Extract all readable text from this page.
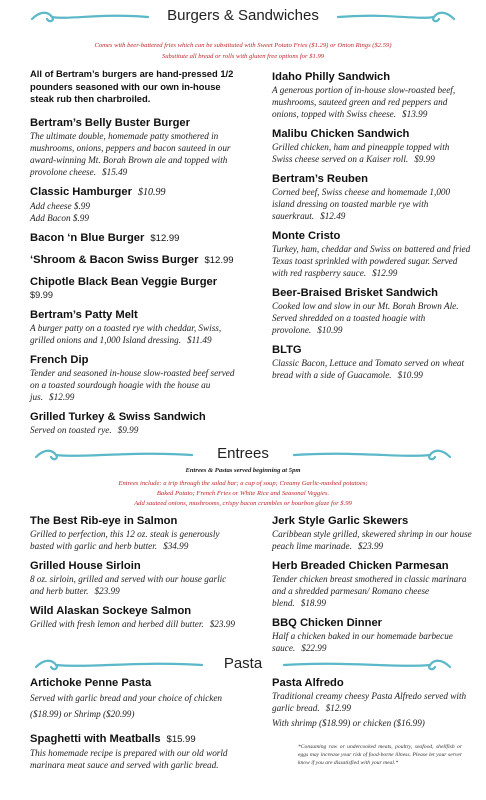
Burgers & Sandwiches
Comes with beer-battered fries which can be substituted with Sweet Potato Fries ($1.29) or Onion Rings ($2.59)
Substitute all bread or rolls with gluten free options for $1.99
All of Bertram’s burgers are hand-pressed 1/2 pounders seasoned with our own in-house steak rub then charbroiled.
Bertram’s Belly Buster Burger
The ultimate double, homemade patty smothered in mushrooms, onions, peppers and bacon sauteed in our award-winning Mt. Borah Brown ale and topped with provolone cheese. $15.49
Classic Hamburger $10.99
Add cheese $.99
Add Bacon $.99
Bacon ‘n Blue Burger $12.99
‘Shroom & Bacon Swiss Burger $12.99
Chipotle Black Bean Veggie Burger
$9.99
Bertram’s Patty Melt
A burger patty on a toasted rye with cheddar, Swiss, grilled onions and 1,000 Island dressing. $11.49
French Dip
Tender and seasoned in-house slow-roasted beef served on a toasted sourdough hoagie with the house au jus. $12.99
Grilled Turkey & Swiss Sandwich
Served on toasted rye. $9.99
Idaho Philly Sandwich
A generous portion of in-house slow-roasted beef, mushrooms, sauteed green and red peppers and onions, topped with Swiss cheese. $13.99
Malibu Chicken Sandwich
Grilled chicken, ham and pineapple topped with Swiss cheese served on a Kaiser roll. $9.99
Bertram’s Reuben
Corned beef, Swiss cheese and homemade 1,000 island dressing on toasted marble rye with sauerkraut. $12.49
Monte Cristo
Turkey, ham, cheddar and Swiss on battered and fried Texas toast sprinkled with powdered sugar. Served with red raspberry sauce. $12.99
Beer-Braised Brisket Sandwich
Cooked low and slow in our Mt. Borah Brown Ale. Served shredded on a toasted hoagie with provolone. $10.99
BLTG
Classic Bacon, Lettuce and Tomato served on wheat bread with a side of Guacamole. $10.99
Entrees
Entrees & Pastas served beginning at 5pm
Entrees include: a trip through the salad bar; a cup of soup; Creamy Garlic-mashed potatoes;
Baked Potato; French Fries or White Rice and Seasonal Veggies.
Add sauteed onions, mushrooms, crispy bacon crumbles or bourbon glaze for $.99
The Best Rib-eye in Salmon
Grilled to perfection, this 12 oz. steak is generously basted with garlic and herb butter. $34.99
Grilled House Sirloin
8 oz. sirloin, grilled and served with our house garlic and herb butter. $23.99
Wild Alaskan Sockeye Salmon
Grilled with fresh lemon and herbed dill butter. $23.99
Jerk Style Garlic Skewers
Caribbean style grilled, skewered shrimp in our house peach lime marinade. $23.99
Herb Breaded Chicken Parmesan
Tender chicken breast smothered in classic marinara and a shredded parmesan/ Romano cheese blend. $18.99
BBQ Chicken Dinner
Half a chicken baked in our homemade barbecue sauce. $22.99
Pasta
Artichoke Penne Pasta
Served with garlic bread and your choice of chicken ($18.99) or Shrimp ($20.99)
Spaghetti with Meatballs $15.99
This homemade recipe is prepared with our old world marinara meat sauce and served with garlic bread.
Pasta Alfredo
Traditional creamy cheesy Pasta Alfredo served with garlic bread. $12.99
With shrimp ($18.99) or chicken ($16.99)
*Consuming raw or undercooked meats, poultry, seafood, shellfish or eggs may increase your risk of food-borne illness. Please let your server know if you are dissatisfied with your meal.*
